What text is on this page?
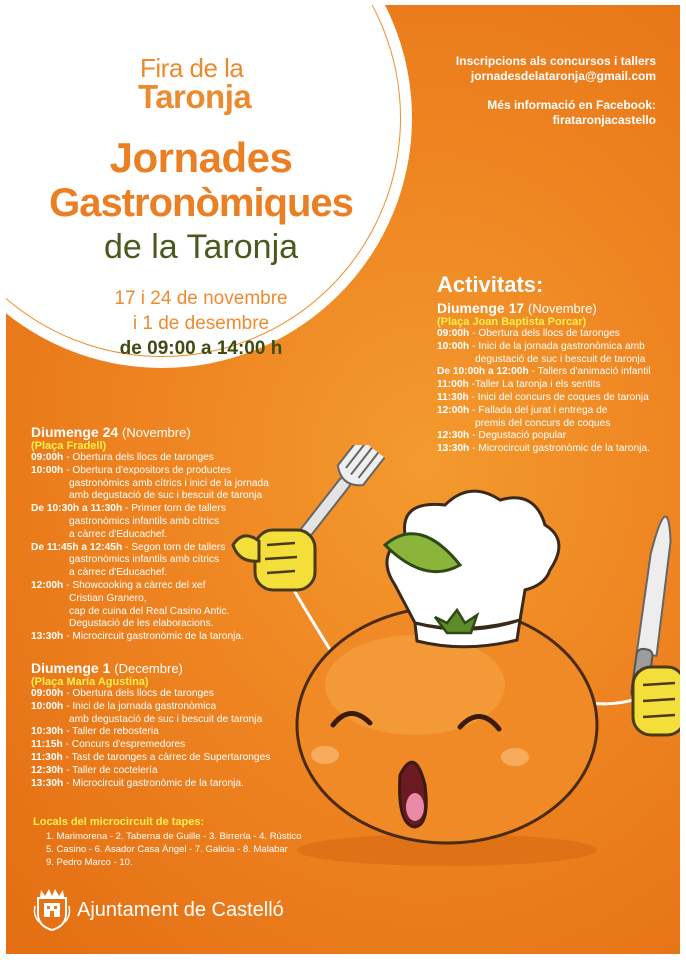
Fira de la
Taronja
Jornades
Gastronòmiques
de la Taronja
17 i 24 de novembre
i 1 de desembre
de 09:00 a 14:00 h
Inscripcions als concursos i tallers
jornadesdelataronja@gmail.com
Més informació en Facebook:
firataronjacastello
Activitats:
Diumenge 17 (Novembre)
(Plaça Joan Baptista Porcar)
09:00h - Obertura dels llocs de taronges
10:00h - Inici de la jornada gastronòmica amb
degustació de suc i bescuit de taronja
De 10:00h a 12:00h - Tallers d'animació infantil
11:00h -Taller La taronja i els sentits
11:30h - Inici del concurs de coques de taronja
12:00h - Fallada del jurat i entrega de
premis del concurs de coques
12:30h - Degustació popular
13:30h - Microcircuit gastronòmic de la taronja.
Diumenge 24 (Novembre)
(Plaça Fradell)
09:00h - Obertura dels llocs de taronges
10:00h - Obertura d'expositors de productes
gastronòmics amb cítrics i inici de la jornada
amb degustació de suc i bescuit de taronja
De 10:30h a 11:30h - Primer torn de tallers
gastronòmics infantils amb cítrics
a càrrec d'Educachef.
De 11:45h a 12:45h - Segon torn de tallers
gastronòmics infantils amb cítrics
a càrrec d'Educachef.
12:00h - Showcooking a càrrec del xef
Cristian Granero,
cap de cuina del Real Casino Antic.
Degustació de les elaboracions.
13:30h - Microcircuit gastronòmic de la taronja.
Diumenge 1 (Decembre)
(Plaça María Agustina)
09:00h - Obertura dels llocs de taronges
10:00h - Inici de la jornada gastronòmica
amb degustació de suc i bescuit de taronja
10:30h - Taller de rebosteria
11:15h - Concurs d'espremedores
11:30h - Tast de taronges a càrrec de Supertaronges
12:30h - Taller de coctelería
13:30h - Microcircuit gastronòmic de la taronja.
Locals del microcircuit de tapes:
1. Marimorena - 2. Taberna de Guille - 3. Birrería - 4. Rústico
5. Casino - 6. Asador Casa Ángel - 7. Galicia - 8. Malabar
9. Pedro Marco - 10.
Ajuntament de Castelló
